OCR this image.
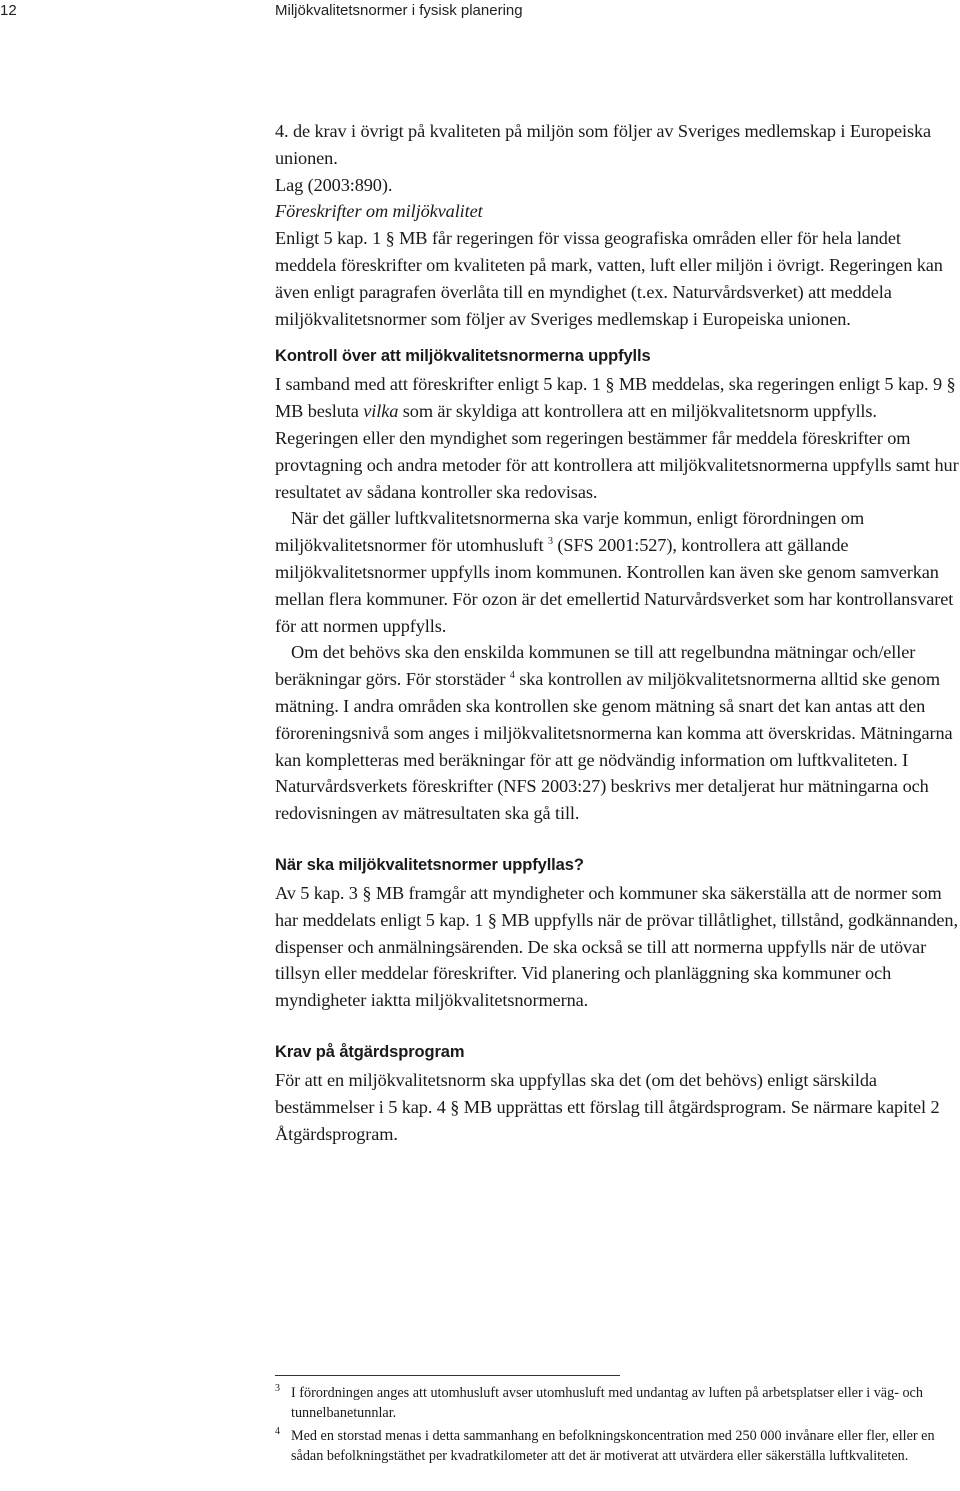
12	Miljökvalitetsnormer i fysisk planering

4. de krav i övrigt på kvaliteten på miljön som följer av Sveriges medlemskap i Europeiska unionen.

Lag (2003:890).

Föreskrifter om miljökvalitet

Enligt 5 kap. 1 § MB får regeringen för vissa geografiska områden eller för hela landet meddela föreskrifter om kvaliteten på mark, vatten, luft eller miljön i övrigt. Regeringen kan även enligt paragrafen överlåta till en myndighet (t.ex. Naturvårdsverket) att meddela miljökvalitetsnormer som följer av Sveriges medlemskap i Europeiska unionen.

Kontroll över att miljökvalitetsnormerna uppfylls

I samband med att föreskrifter enligt 5 kap. 1 § MB meddelas, ska regeringen enligt 5 kap. 9 § MB besluta vilka som är skyldiga att kontrollera att en miljökvalitetsnorm uppfylls. Regeringen eller den myndighet som regeringen bestämmer får meddela föreskrifter om provtagning och andra metoder för att kontrollera att miljökvalitetsnormerna uppfylls samt hur resultatet av sådana kontroller ska redovisas.

När det gäller luftkvalitetsnormerna ska varje kommun, enligt förordningen om miljökvalitetsnormer för utomhusluft $^3$ (SFS 2001:527), kontrollera att gällande miljökvalitetsnormer uppfylls inom kommunen. Kontrollen kan även ske genom samverkan mellan flera kommuner. För ozon är det emellertid Naturvårdsverket som har kontrollansvaret för att normen uppfylls.

Om det behövs ska den enskilda kommunen se till att regelbundna mätningar och/eller beräkningar görs. För storstäder $^4$ ska kontrollen av miljökvalitetsnormerna alltid ske genom mätning. I andra områden ska kontrollen ske genom mätning så snart det kan antas att den föroreningsnivå som anges i miljökvalitetsnormerna kan komma att överskridas. Mätningarna kan kompletteras med beräkningar för att ge nödvändig information om luftkvaliteten. I Naturvårdsverkets föreskrifter (NFS 2003:27) beskrivs mer detaljerat hur mätningarna och redovisningen av mätresultaten ska gå till.

När ska miljökvalitetsnormer uppfyllas?

Av 5 kap. 3 § MB framgår att myndigheter och kommuner ska säkerställa att de normer som har meddelats enligt 5 kap. 1 § MB uppfylls när de prövar tillåtlighet, tillstånd, godkännanden, dispenser och anmälningsärenden. De ska också se till att normerna uppfylls när de utövar tillsyn eller meddelar föreskrifter. Vid planering och planläggning ska kommuner och myndigheter iaktta miljökvalitetsnormerna.

Krav på åtgärdsprogram

För att en miljökvalitetsnorm ska uppfyllas ska det (om det behövs) enligt särskilda bestämmelser i 5 kap. 4 § MB upprättas ett förslag till åtgärdsprogram. Se närmare kapitel 2 Åtgärdsprogram.

3 I förordningen anges att utomhusluft avser utomhusluft med undantag av luften på arbetsplatser eller i väg- och tunnelbanetunnlar.

4 Med en storstad menas i detta sammanhang en befolkningskoncentration med 250 000 invånare eller fler, eller en sådan befolkningstäthet per kvadratkilometer att det är motiverat att utvärdera eller säkerställa luftkvaliteten.
